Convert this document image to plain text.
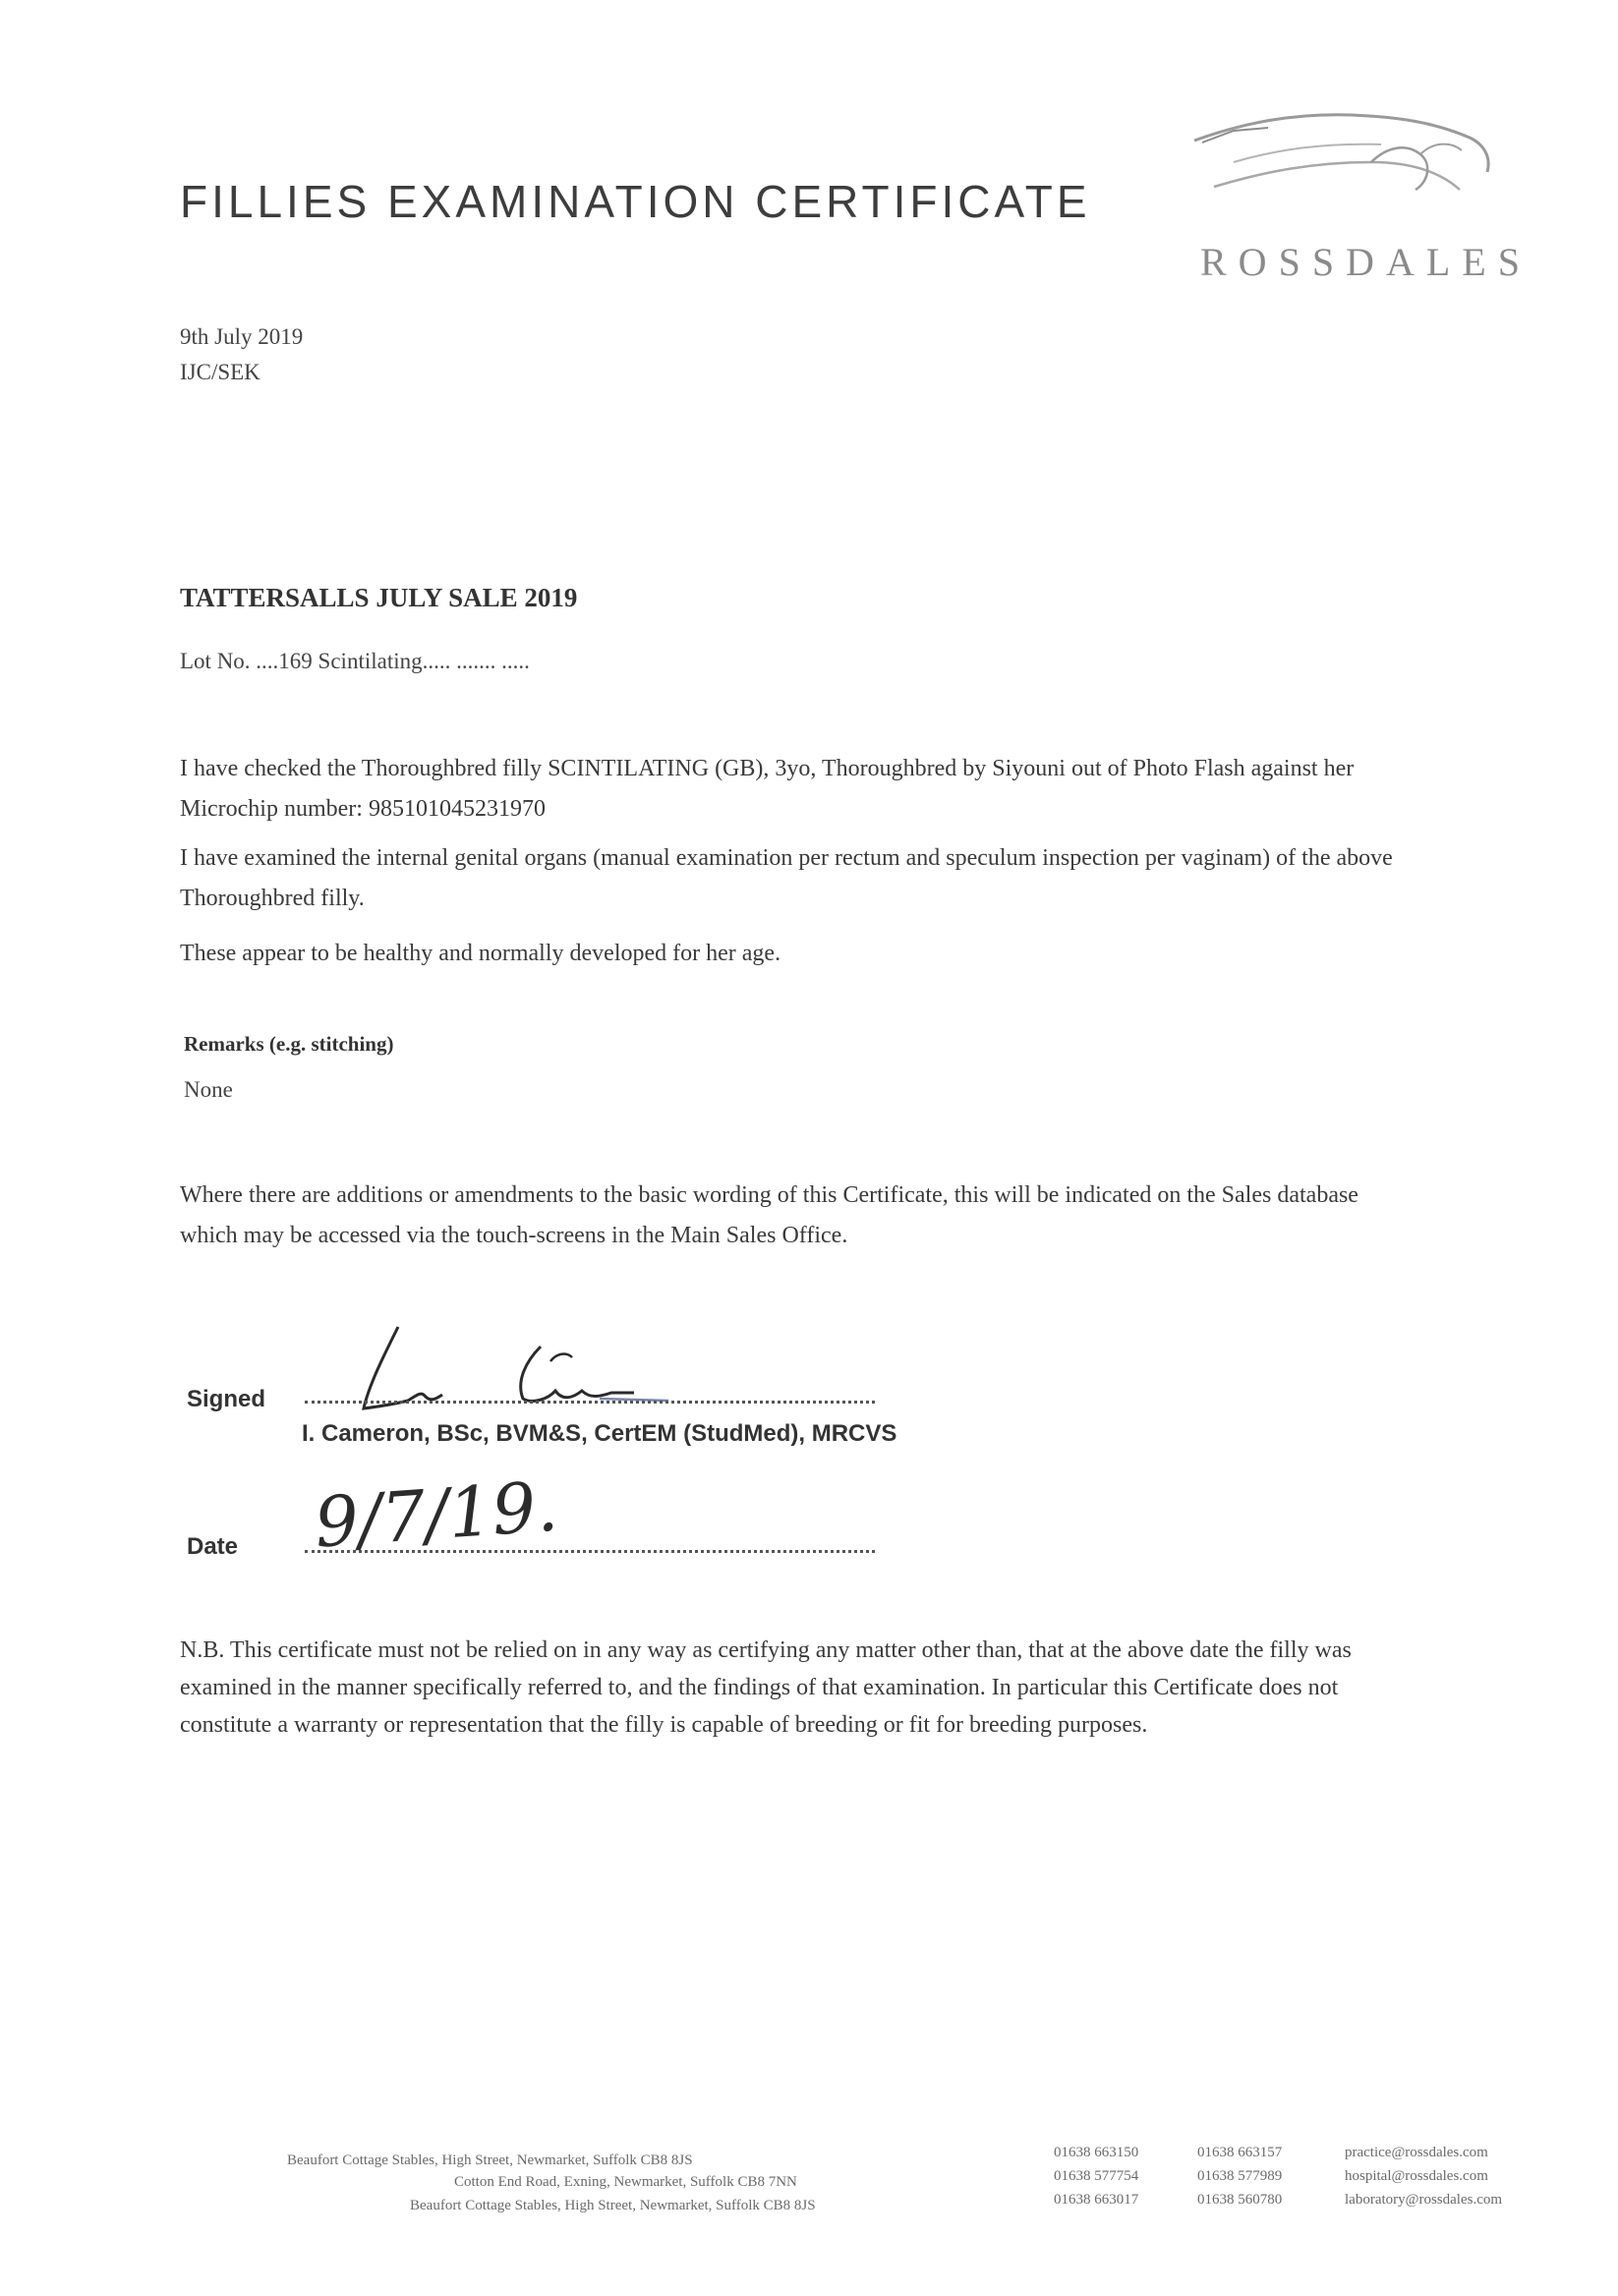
FILLIES EXAMINATION CERTIFICATE
ROSSDALES
9th July 2019
IJC/SEK
TATTERSALLS JULY SALE 2019
Lot No. ....169 Scintilating..... ....... .....
I have checked the Thoroughbred filly SCINTILATING (GB), 3yo, Thoroughbred by Siyouni out of Photo Flash against her Microchip number: 985101045231970
I have examined the internal genital organs (manual examination per rectum and speculum inspection per vaginam) of the above Thoroughbred filly.
These appear to be healthy and normally developed for her age.
Remarks (e.g. stitching)
None
Where there are additions or amendments to the basic wording of this Certificate, this will be indicated on the Sales database which may be accessed via the touch-screens in the Main Sales Office.
Signed
I. Cameron, BSc, BVM&S, CertEM (StudMed), MRCVS
Date 9/7/19.
N.B. This certificate must not be relied on in any way as certifying any matter other than, that at the above date the filly was examined in the manner specifically referred to, and the findings of that examination. In particular this Certificate does not constitute a warranty or representation that the filly is capable of breeding or fit for breeding purposes.
Beaufort Cottage Stables, High Street, Newmarket, Suffolk CB8 8JS
Cotton End Road, Exning, Newmarket, Suffolk CB8 7NN
Beaufort Cottage Stables, High Street, Newmarket, Suffolk CB8 8JS
01638 663150
01638 577754
01638 663017
01638 663157
01638 577989
01638 560780
practice@rossdales.com
hospital@rossdales.com
laboratory@rossdales.com
